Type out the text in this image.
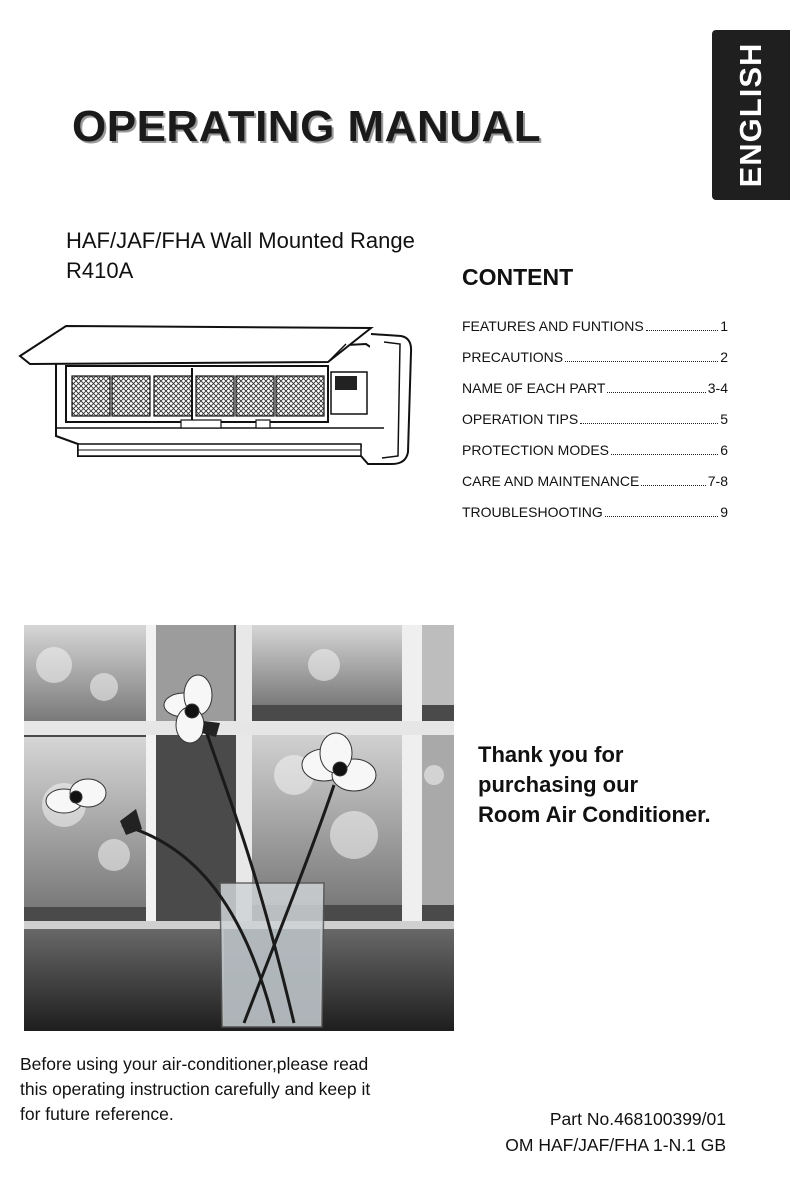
ENGLISH
OPERATING MANUAL
HAF/JAF/FHA Wall Mounted Range
R410A	CONTENT
FEATURES AND FUNTIONS	1
PRECAUTIONS	2
NAME 0F EACH PART	3-4
OPERATION TIPS	5
PROTECTION MODES	6
CARE AND MAINTENANCE	7-8
TROUBLESHOOTING	9
Thank you for
purchasing our
Room Air Conditioner.
Before using your air-conditioner,please read
this operating instruction carefully and keep it
for future reference.	Part No.468100399/01
OM HAF/JAF/FHA 1-N.1 GB
